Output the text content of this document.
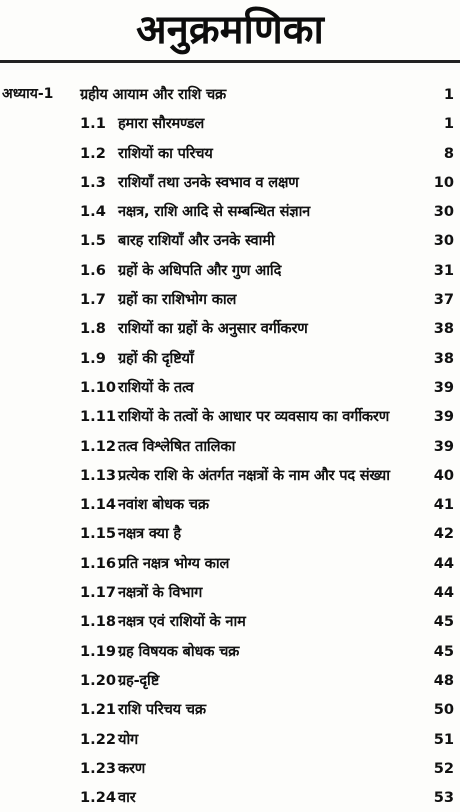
अनुक्रमणिका
अध्याय-1 ग्रहीय आयाम और राशि चक्र	1
1.1 हमारा सौरमण्डल	1
1.2 राशियों का परिचय	8
1.3 राशियाँ तथा उनके स्वभाव व लक्षण	10
1.4 नक्षत्र, राशि आदि से सम्बन्धित संज्ञान	30
1.5 बारह राशियाँ और उनके स्वामी	30
1.6 ग्रहों के अधिपति और गुण आदि	31
1.7 ग्रहों का राशिभोग काल	37
1.8 राशियों का ग्रहों के अनुसार वर्गीकरण	38
1.9 ग्रहों की दृष्टियाँ	38
1.10 राशियों के तत्व	39
1.11 राशियों के तत्वों के आधार पर व्यवसाय का वर्गीकरण	39
1.12 तत्व विश्लेषित तालिका	39
1.13 प्रत्येक राशि के अंतर्गत नक्षत्रों के नाम और पद संख्या	40
1.14 नवांश बोधक चक्र	41
1.15 नक्षत्र क्या है	42
1.16 प्रति नक्षत्र भोग्य काल	44
1.17 नक्षत्रों के विभाग	44
1.18 नक्षत्र एवं राशियों के नाम	45
1.19 ग्रह विषयक बोधक चक्र	45
1.20 ग्रह-दृष्टि	48
1.21 राशि परिचय चक्र	50
1.22 योग	51
1.23 करण	52
1.24 वार	53
